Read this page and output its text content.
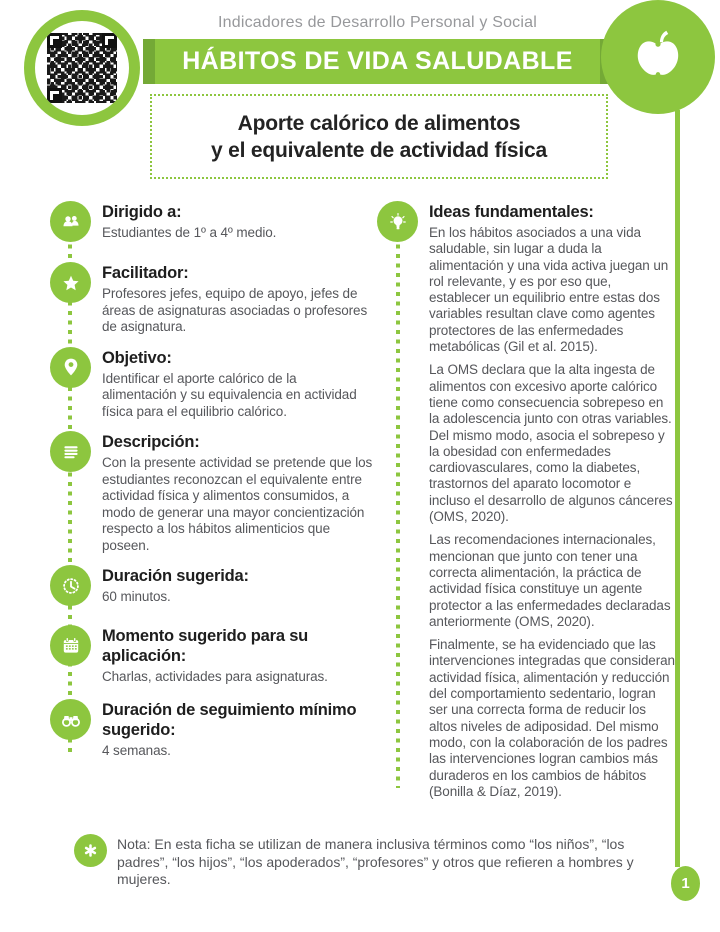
Indicadores de Desarrollo Personal y Social
HÁBITOS DE VIDA SALUDABLE
1
Aporte calórico de alimentos
y el equivalente de actividad física
Dirigido a:
Estudiantes de 1º a 4º medio.
Facilitador:
Profesores jefes, equipo de apoyo, jefes de áreas de asignaturas asociadas o profesores de asignatura.
Objetivo:
Identificar el aporte calórico de la alimentación y su equivalencia en actividad física para el equilibrio calórico.
Descripción:
Con la presente actividad se pretende que los estudiantes reconozcan el equivalente entre actividad física y alimentos consumidos, a modo de generar una mayor concientización respecto a los hábitos alimenticios que poseen.
Duración sugerida:
60 minutos.
Momento sugerido para su aplicación:
Charlas, actividades para asignaturas.
Duración de seguimiento mínimo sugerido:
4 semanas.
Ideas fundamentales:

En los hábitos asociados a una vida saludable, sin lugar a duda la alimentación y una vida activa juegan un rol relevante, y es por eso que, establecer un equilibrio entre estas dos variables resultan clave como agentes protectores de las enfermedades metabólicas (Gil et al. 2015).

La OMS declara que la alta ingesta de alimentos con excesivo aporte calórico tiene como consecuencia sobrepeso en la adolescencia junto con otras variables. Del mismo modo, asocia el sobrepeso y la obesidad con enfermedades cardiovasculares, como la diabetes, trastornos del aparato locomotor e incluso el desarrollo de algunos cánceres (OMS, 2020).

Las recomendaciones internacionales, mencionan que junto con tener una correcta alimentación, la práctica de actividad física constituye un agente protector a las enfermedades declaradas anteriormente (OMS, 2020).

Finalmente, se ha evidenciado que las intervenciones integradas que consideran actividad física, alimentación y reducción del comportamiento sedentario, logran ser una correcta forma de reducir los altos niveles de adiposidad. Del mismo modo, con la colaboración de los padres las intervenciones logran cambios más duraderos en los cambios de hábitos (Bonilla & Díaz, 2019).

Nota: En esta ficha se utilizan de manera inclusiva términos como “los niños”, “los padres”, “los hijos”, “los apoderados”, “profesores” y otros que refieren a hombres y mujeres.
